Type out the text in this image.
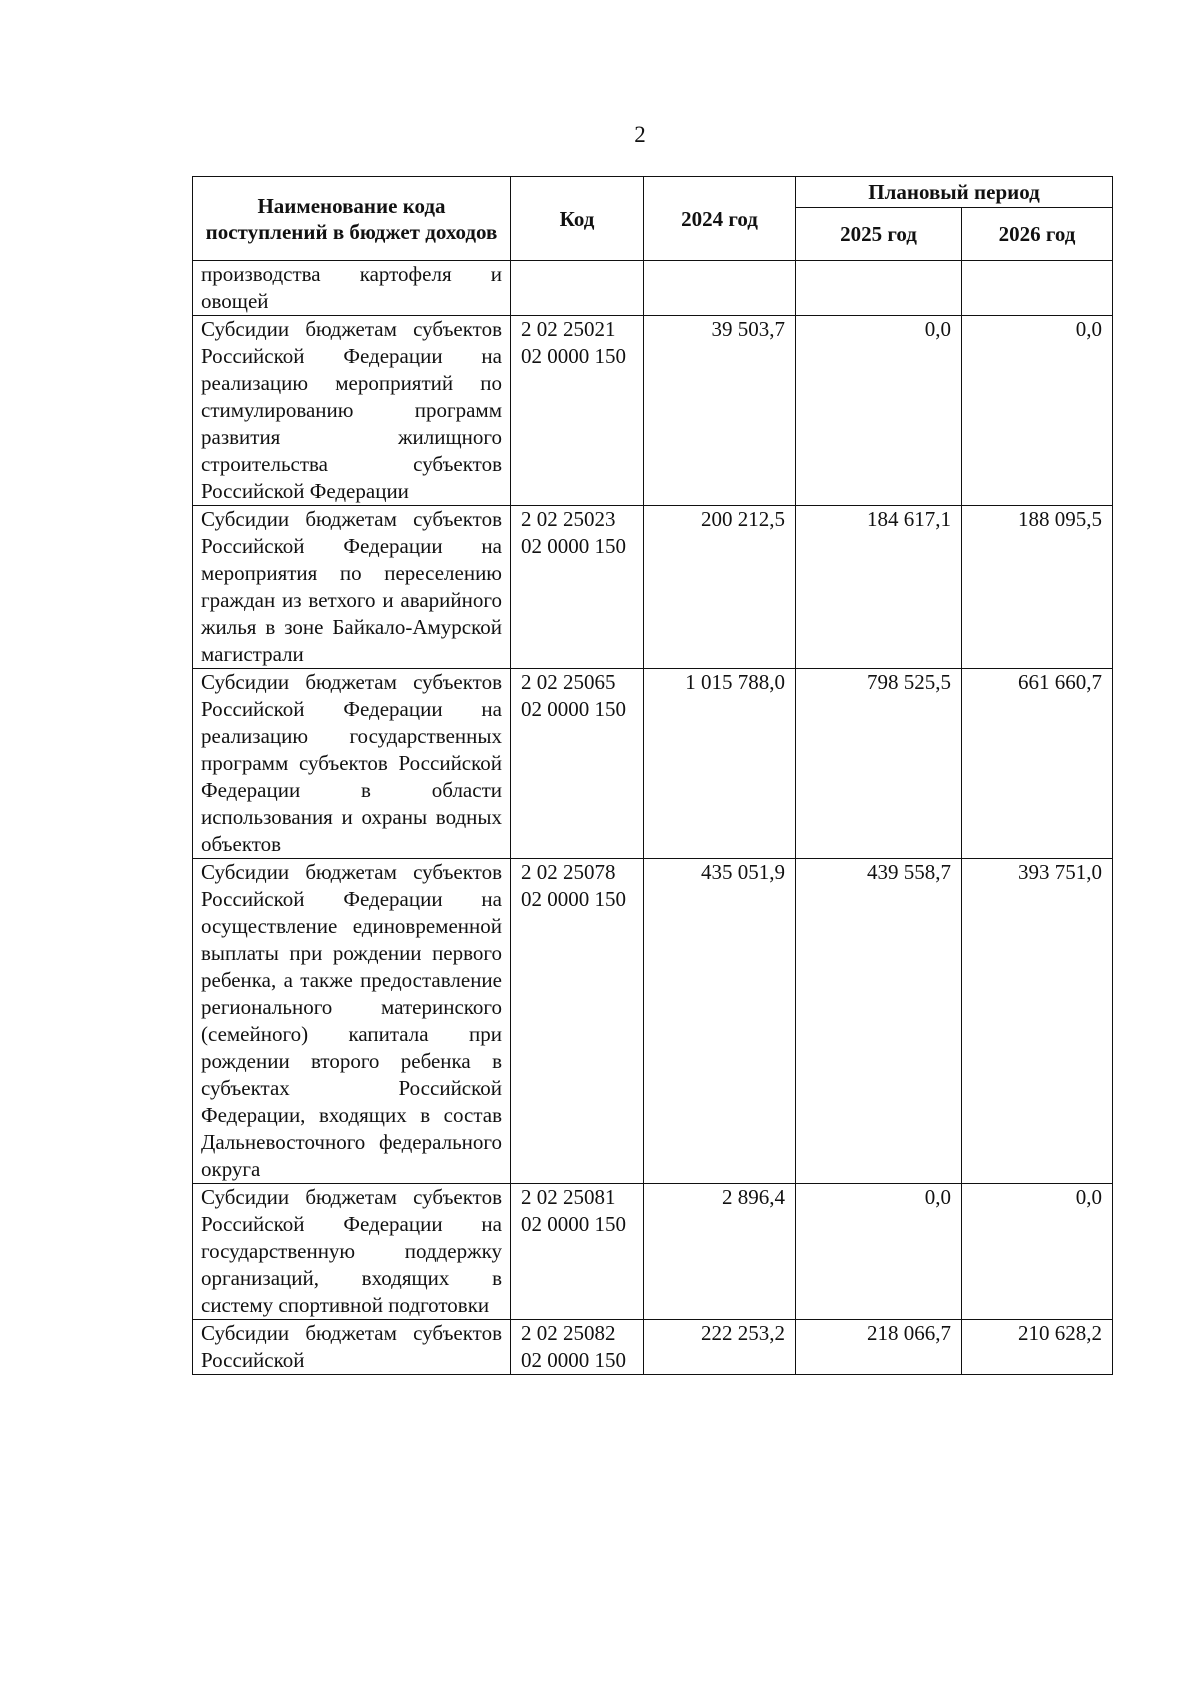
2
Наименование кода поступлений в бюджет доходов	Код	2024 год	Плановый период	
			2025 год	2026 год
производства картофеля и овощей				
Субсидии бюджетам субъектов Российской Федерации на реализацию мероприятий по стимулированию программ развития жилищного строительства субъектов Российской Федерации	2 02 25021 02 0000 150	39 503,7	0,0	0,0
Субсидии бюджетам субъектов Российской Федерации на мероприятия по переселению граждан из ветхого и аварийного жилья в зоне Байкало-Амурской магистрали	2 02 25023 02 0000 150	200 212,5	184 617,1	188 095,5
Субсидии бюджетам субъектов Российской Федерации на реализацию государственных программ субъектов Российской Федерации в области использования и охраны водных объектов	2 02 25065 02 0000 150	1 015 788,0	798 525,5	661 660,7
Субсидии бюджетам субъектов Российской Федерации на осуществление единовременной выплаты при рождении первого ребенка, а также предоставление регионального материнского (семейного) капитала при рождении второго ребенка в субъектах Российской Федерации, входящих в состав Дальневосточного федерального округа	2 02 25078 02 0000 150	435 051,9	439 558,7	393 751,0
Субсидии бюджетам субъектов Российской Федерации на государственную поддержку организаций, входящих в систему спортивной подготовки	2 02 25081 02 0000 150	2 896,4	0,0	0,0
Субсидии бюджетам субъектов Российской	2 02 25082 02 0000 150	222 253,2	218 066,7	210 628,2
